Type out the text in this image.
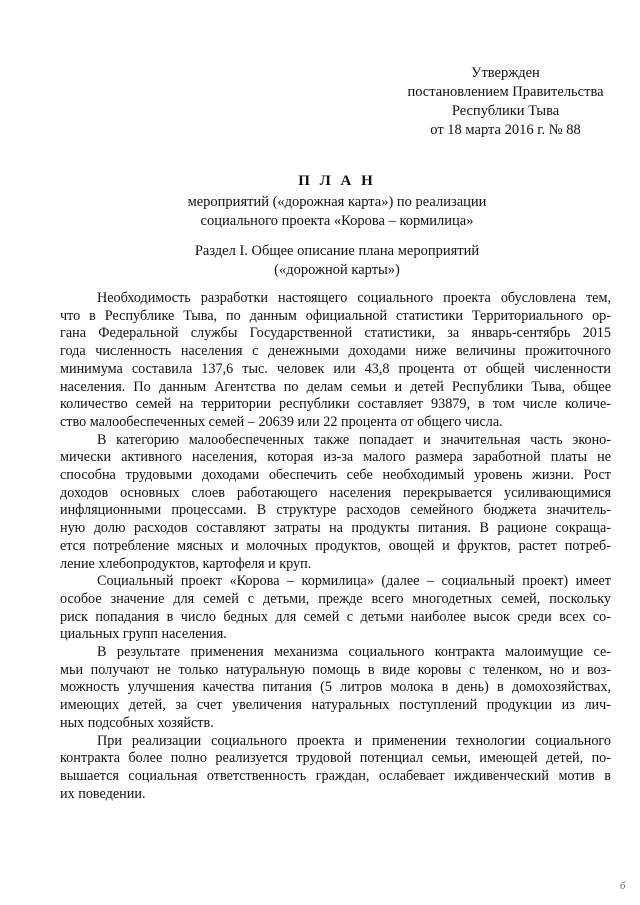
Утвержден
постановлением Правительства
Республики Тыва
от 18 марта 2016 г. № 88
П Л А Н
мероприятий («дорожная карта») по реализации
социального проекта «Корова – кормилица»
Раздел I. Общее описание плана мероприятий
(«дорожной карты»)
Необходимость разработки настоящего социального проекта обусловлена тем,
что в Республике Тыва, по данным официальной статистики Территориального ор-
гана Федеральной службы Государственной статистики, за январь-сентябрь 2015
года численность населения с денежными доходами ниже величины прожиточного
минимума составила 137,6 тыс. человек или 43,8 процента от общей численности
населения. По данным Агентства по делам семьи и детей Республики Тыва, общее
количество семей на территории республики составляет 93879, в том числе количе-
ство малообеспеченных семей – 20639 или 22 процента от общего числа.
В категорию малообеспеченных также попадает и значительная часть эконо-
мически активного населения, которая из-за малого размера заработной платы не
способна трудовыми доходами обеспечить себе необходимый уровень жизни. Рост
доходов основных слоев работающего населения перекрывается усиливающимися
инфляционными процессами. В структуре расходов семейного бюджета значитель-
ную долю расходов составляют затраты на продукты питания. В рационе сокраща-
ется потребление мясных и молочных продуктов, овощей и фруктов, растет потреб-
ление хлебопродуктов, картофеля и круп.
Социальный проект «Корова – кормилица» (далее – социальный проект) имеет
особое значение для семей с детьми, прежде всего многодетных семей, поскольку
риск попадания в число бедных для семей с детьми наиболее высок среди всех со-
циальных групп населения.
В результате применения механизма социального контракта малоимущие се-
мьи получают не только натуральную помощь в виде коровы с теленком, но и воз-
можность улучшения качества питания (5 литров молока в день) в домохозяйствах,
имеющих детей, за счет увеличения натуральных поступлений продукции из лич-
ных подсобных хозяйств.
При реализации социального проекта и применении технологии социального
контракта более полно реализуется трудовой потенциал семьи, имеющей детей, по-
вышается социальная ответственность граждан, ослабевает иждивенческий мотив в
их поведении.
б
